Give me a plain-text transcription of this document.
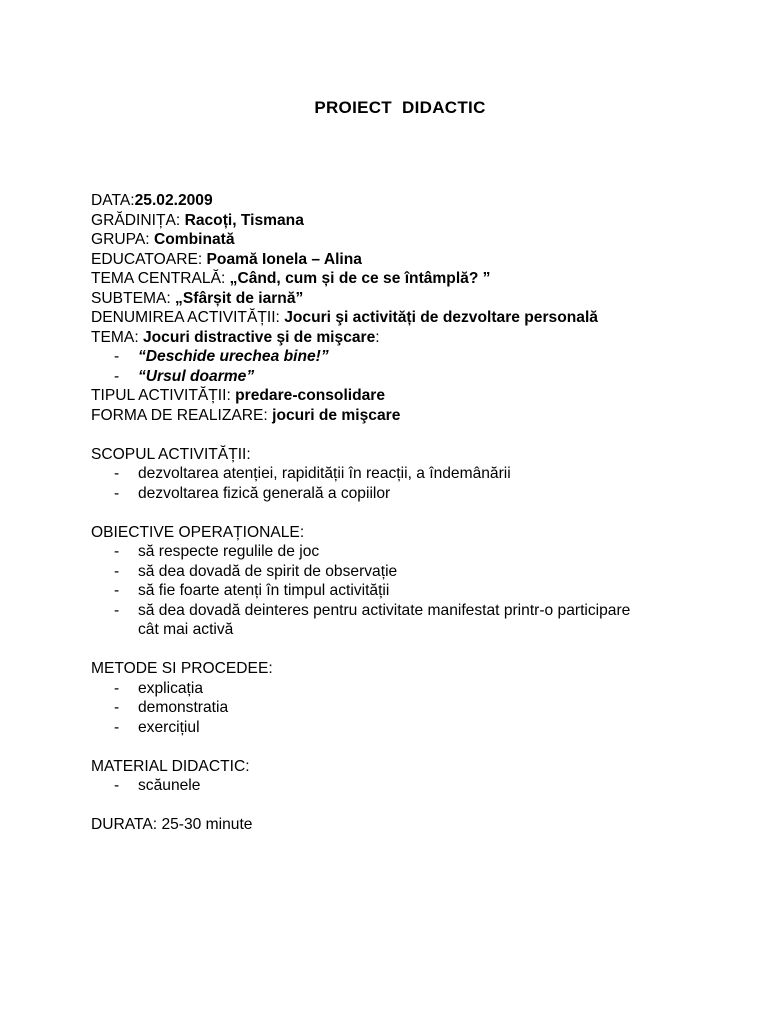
PROIECT  DIDACTIC
DATA:25.02.2009
GRĂDINIȚA: Racoți, Tismana
GRUPA: Combinată
EDUCATOARE: Poamă Ionela – Alina
TEMA CENTRALĂ: „Când, cum și de ce se întâmplă? ”
SUBTEMA: „Sfârșit de iarnă”
DENUMIREA ACTIVITĂȚII: Jocuri şi activități de dezvoltare personală
TEMA: Jocuri distractive şi de mişcare:
- “Deschide urechea bine!”
- “Ursul doarme”
TIPUL ACTIVITĂȚII: predare-consolidare
FORMA DE REALIZARE: jocuri de mişcare
SCOPUL ACTIVITĂȚII:
- dezvoltarea atenției, rapidității în reacții, a îndemânării
- dezvoltarea fizică generală a copiilor
OBIECTIVE OPERAȚIONALE:
- să respecte regulile de joc
- să dea dovadă de spirit de observație
- să fie foarte atenți în timpul activității
- să dea dovadă deinteres pentru activitate manifestat printr-o participare
cât mai activă
METODE SI PROCEDEE:
- explicația
- demonstratia
- exercițiul
MATERIAL DIDACTIC:
- scăunele
DURATA: 25-30 minute
